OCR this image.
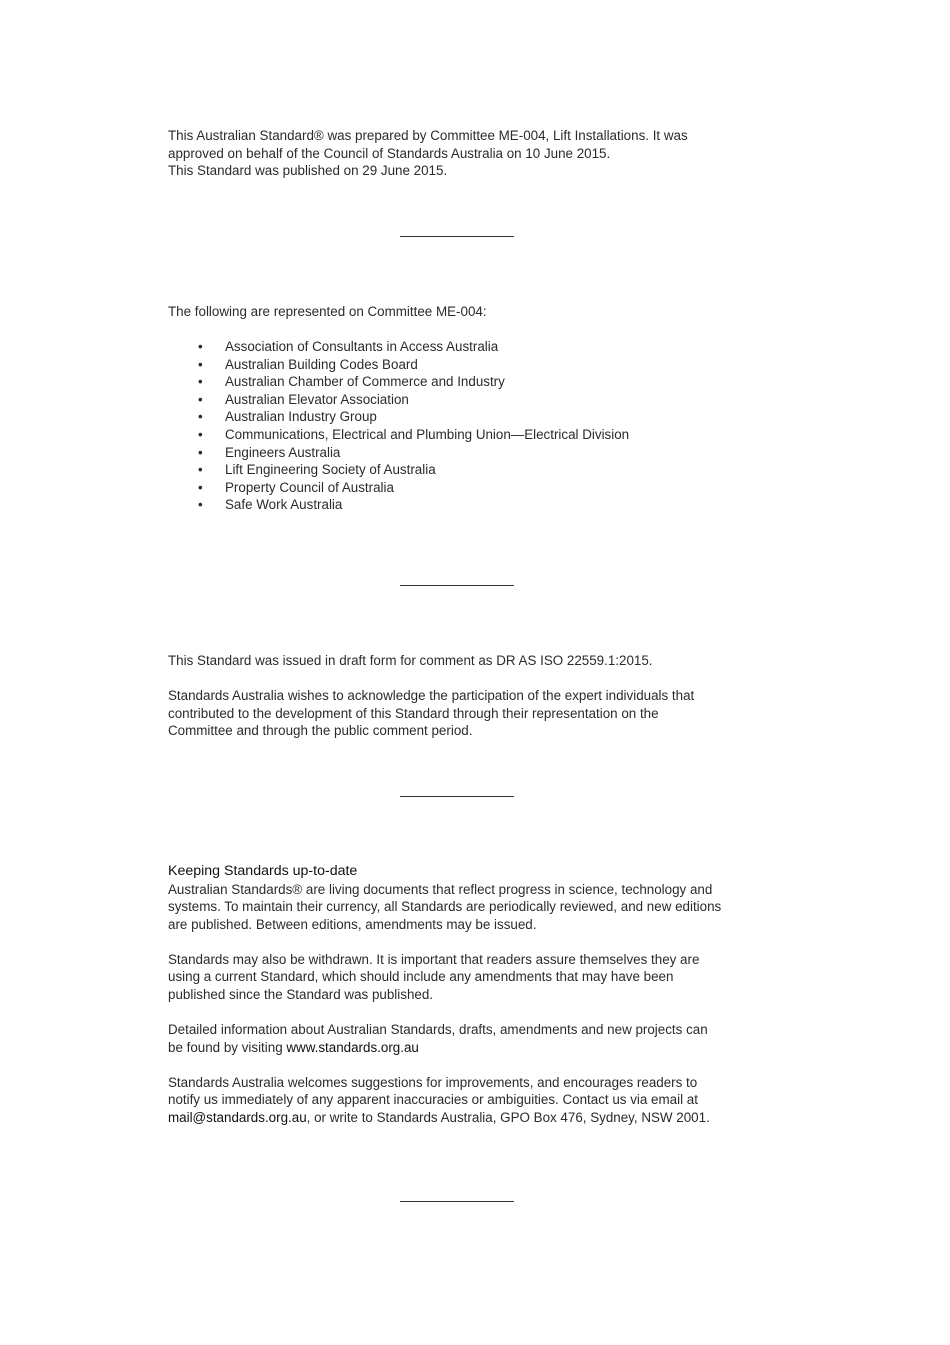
This Australian Standard® was prepared by Committee ME-004, Lift Installations. It was

approved on behalf of the Council of Standards Australia on 10 June 2015.

This Standard was published on 29 June 2015.

The following are represented on Committee ME-004:

• Association of Consultants in Access Australia
• Australian Building Codes Board
• Australian Chamber of Commerce and Industry
• Australian Elevator Association
• Australian Industry Group
• Communications, Electrical and Plumbing Union—Electrical Division
• Engineers Australia
• Lift Engineering Society of Australia
• Property Council of Australia
• Safe Work Australia

This Standard was issued in draft form for comment as DR AS ISO 22559.1:2015.

Standards Australia wishes to acknowledge the participation of the expert individuals that

contributed to the development of this Standard through their representation on the

Committee and through the public comment period.

Keeping Standards up-to-date

Australian Standards® are living documents that reflect progress in science, technology and

systems. To maintain their currency, all Standards are periodically reviewed, and new editions

are published. Between editions, amendments may be issued.

Standards may also be withdrawn. It is important that readers assure themselves they are

using a current Standard, which should include any amendments that may have been

published since the Standard was published.

Detailed information about Australian Standards, drafts, amendments and new projects can

be found by visiting www.standards.org.au

Standards Australia welcomes suggestions for improvements, and encourages readers to

notify us immediately of any apparent inaccuracies or ambiguities. Contact us via email at

mail@standards.org.au, or write to Standards Australia, GPO Box 476, Sydney, NSW 2001.
